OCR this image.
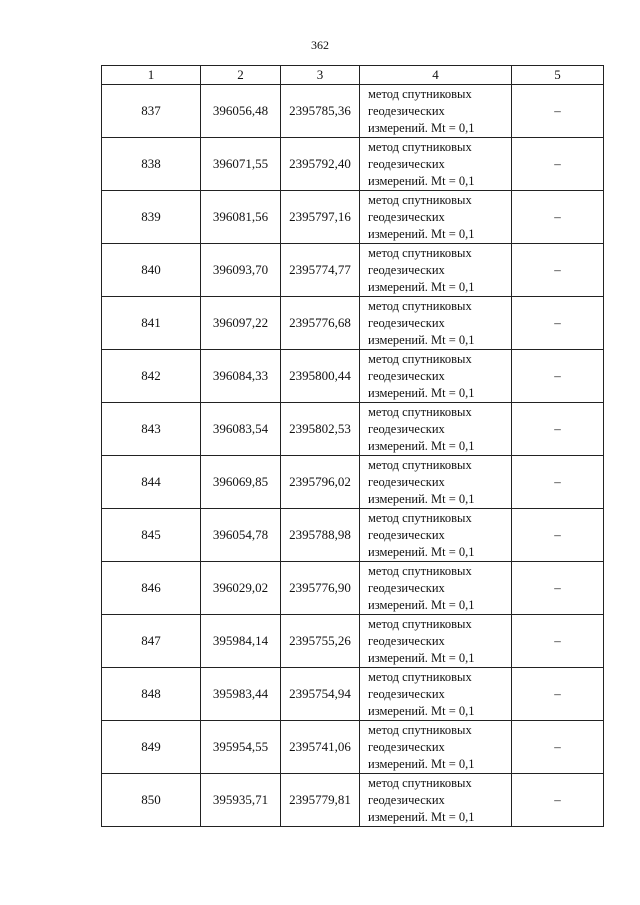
362
1	2	3	4	5
837	396056,48	2395785,36	метод спутниковых
геодезических
измерений. Mt = 0,1	–
838	396071,55	2395792,40	метод спутниковых
геодезических
измерений. Mt = 0,1	–
839	396081,56	2395797,16	метод спутниковых
геодезических
измерений. Mt = 0,1	–
840	396093,70	2395774,77	метод спутниковых
геодезических
измерений. Mt = 0,1	–
841	396097,22	2395776,68	метод спутниковых
геодезических
измерений. Mt = 0,1	–
842	396084,33	2395800,44	метод спутниковых
геодезических
измерений. Mt = 0,1	–
843	396083,54	2395802,53	метод спутниковых
геодезических
измерений. Mt = 0,1	–
844	396069,85	2395796,02	метод спутниковых
геодезических
измерений. Mt = 0,1	–
845	396054,78	2395788,98	метод спутниковых
геодезических
измерений. Mt = 0,1	–
846	396029,02	2395776,90	метод спутниковых
геодезических
измерений. Mt = 0,1	–
847	395984,14	2395755,26	метод спутниковых
геодезических
измерений. Mt = 0,1	–
848	395983,44	2395754,94	метод спутниковых
геодезических
измерений. Mt = 0,1	–
849	395954,55	2395741,06	метод спутниковых
геодезических
измерений. Mt = 0,1	–
850	395935,71	2395779,81	метод спутниковых
геодезических
измерений. Mt = 0,1	–
